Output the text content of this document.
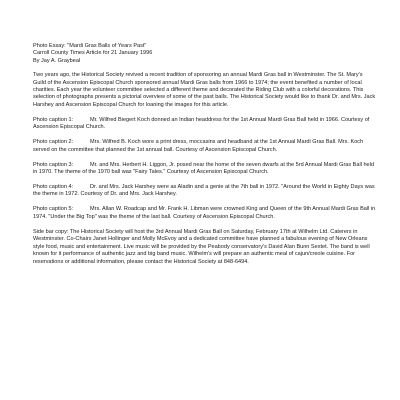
Photo Essay: "Mardi Gras Balls of Years Past"
Carroll County Times Article for 21 January 1996
By Jay A. Graybeal

Two years ago, the Historical Society revived a recent tradition of sponsoring an annual Mardi Gras ball in Westminster. The St. Mary's Guild of the Ascension Episcopal Church sponsored annual Mardi Gras balls from 1966 to 1974; the event benefited a number of local charities. Each year the volunteer committee selected a different theme and decorated the Riding Club with a colorful decorations. This selection of photographs presents a pictorial overview of some of the past balls. The Historical Society would like to thank Dr. and Mrs. Jack Harshey and Ascension Episcopal Church for loaning the images for this article.

Photo caption 1:	Mr. Wilfred Biegert Koch donned an Indian headdress for the 1st Annual Mardi Gras Ball held in 1966. Courtesy of Ascension Episcopal Church.

Photo caption 2:	Mrs. Wilfred B. Koch wore a print dress, moccasins and headband at the 1st Annual Mardi Gras Ball. Mrs. Koch served on the committee that planned the 1st annual ball. Courtesy of Ascension Episcopal Church.

Photo caption 3:	Mr. and Mrs. Herbert H. Liggon, Jr. posed near the home of the seven dwarfs at the 5rd Annual Mardi Gras Ball held in 1970. The theme of the 1970 ball was "Fairy Tales." Courtesy of Ascension Episcopal Church.

Photo caption 4:	Dr. and Mrs. Jack Harshey were as Aladin and a genie at the 7th ball in 1972. "Around the World in Eighty Days was the theme in 1972. Courtesy of Dr. and Mrs. Jack Harshey.

Photo caption 5:	Mrs. Allan W. Roadcap and Mr. Frank H. Libman were crowned King and Queen of the 9th Annual Mardi Gras Ball in 1974. "Under the Big Top" was the theme of the last ball. Courtesy of Ascension Episcopal Church.

Side bar copy: The Historical Society will host the 3rd Annual Mardi Gras Ball on Saturday, February 17th at Wilhelm Ltd. Caterers in Westminster. Co-Chairs Janet Hollinger and Molly McEvoy and a dedicated committee have planned a fabulous evening of New Orleans style food, music and entertainment. Live music will be provided by the Peabody conservatory's David Alan Bunn Sextet. The band is well known for it performance of authentic jazz and big band music. Wilhelm's will prepare an authentic meal of cajun/creole cuisine. For reservations or additional information, please contact the Historical Society at 848-6494.
